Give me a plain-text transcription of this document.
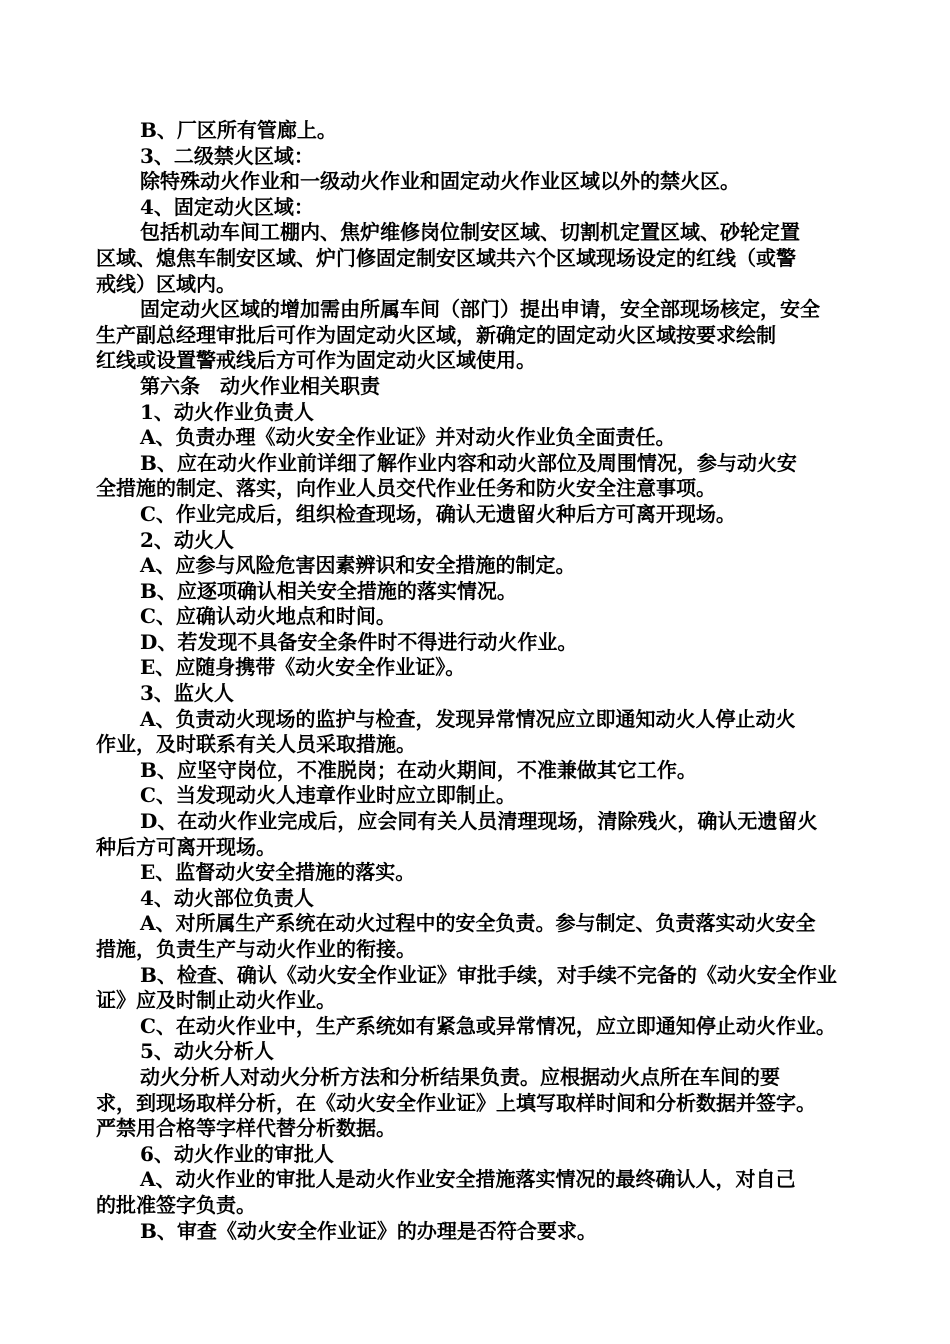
B、厂区所有管廊上。

3、二级禁火区域：

除特殊动火作业和一级动火作业和固定动火作业区域以外的禁火区。

4、固定动火区域：

包括机动车间工棚内、焦炉维修岗位制安区域、切割机定置区域、砂轮定置

区域、熄焦车制安区域、炉门修固定制安区域共六个区域现场设定的红线（或警

戒线）区域内。

固定动火区域的增加需由所属车间（部门）提出申请，安全部现场核定，安全

生产副总经理审批后可作为固定动火区域，新确定的固定动火区域按要求绘制

红线或设置警戒线后方可作为固定动火区域使用。

第六条　动火作业相关职责

1、动火作业负责人

A、负责办理《动火安全作业证》并对动火作业负全面责任。

B、应在动火作业前详细了解作业内容和动火部位及周围情况，参与动火安

全措施的制定、落实，向作业人员交代作业任务和防火安全注意事项。

C、作业完成后，组织检查现场，确认无遗留火种后方可离开现场。

2、动火人

A、应参与风险危害因素辨识和安全措施的制定。

B、应逐项确认相关安全措施的落实情况。

C、应确认动火地点和时间。

D、若发现不具备安全条件时不得进行动火作业。

E、应随身携带《动火安全作业证》。

3、监火人

A、负责动火现场的监护与检查，发现异常情况应立即通知动火人停止动火

作业，及时联系有关人员采取措施。

B、应坚守岗位，不准脱岗；在动火期间，不准兼做其它工作。

C、当发现动火人违章作业时应立即制止。

D、在动火作业完成后，应会同有关人员清理现场，清除残火，确认无遗留火

种后方可离开现场。

E、监督动火安全措施的落实。

4、动火部位负责人

A、对所属生产系统在动火过程中的安全负责。参与制定、负责落实动火安全

措施，负责生产与动火作业的衔接。

B、检查、确认《动火安全作业证》审批手续，对手续不完备的《动火安全作业

证》应及时制止动火作业。

C、在动火作业中，生产系统如有紧急或异常情况，应立即通知停止动火作业。

5、动火分析人

动火分析人对动火分析方法和分析结果负责。应根据动火点所在车间的要

求，到现场取样分析，在《动火安全作业证》上填写取样时间和分析数据并签字。

严禁用合格等字样代替分析数据。

6、动火作业的审批人

A、动火作业的审批人是动火作业安全措施落实情况的最终确认人，对自己

的批准签字负责。

B、审查《动火安全作业证》的办理是否符合要求。
